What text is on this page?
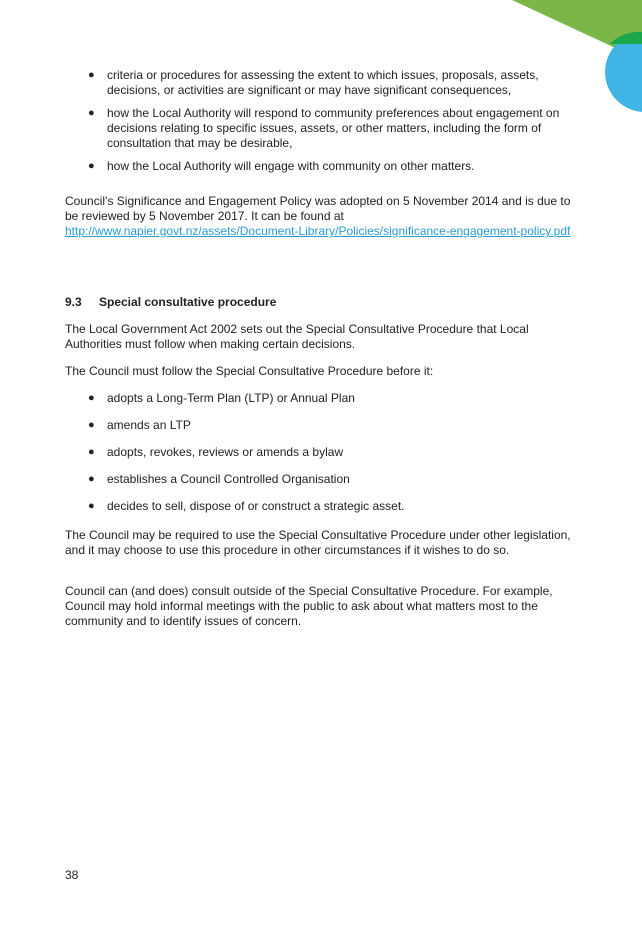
● criteria or procedures for assessing the extent to which issues, proposals, assets, decisions, or activities are significant or may have significant consequences,
● how the Local Authority will respond to community preferences about engagement on decisions relating to specific issues, assets, or other matters, including the form of consultation that may be desirable,
● how the Local Authority will engage with community on other matters.

Council’s Significance and Engagement Policy was adopted on 5 November 2014 and is due to be reviewed by 5 November 2017. It can be found at

http://www.napier.govt.nz/assets/Document-Library/Policies/significance-engagement-policy.pdf

9.3 Special consultative procedure

The Local Government Act 2002 sets out the Special Consultative Procedure that Local Authorities must follow when making certain decisions.

The Council must follow the Special Consultative Procedure before it:

● adopts a Long-Term Plan (LTP) or Annual Plan
● amends an LTP
● adopts, revokes, reviews or amends a bylaw
● establishes a Council Controlled Organisation
● decides to sell, dispose of or construct a strategic asset.

The Council may be required to use the Special Consultative Procedure under other legislation, and it may choose to use this procedure in other circumstances if it wishes to do so.

Council can (and does) consult outside of the Special Consultative Procedure. For example, Council may hold informal meetings with the public to ask about what matters most to the community and to identify issues of concern.

38
